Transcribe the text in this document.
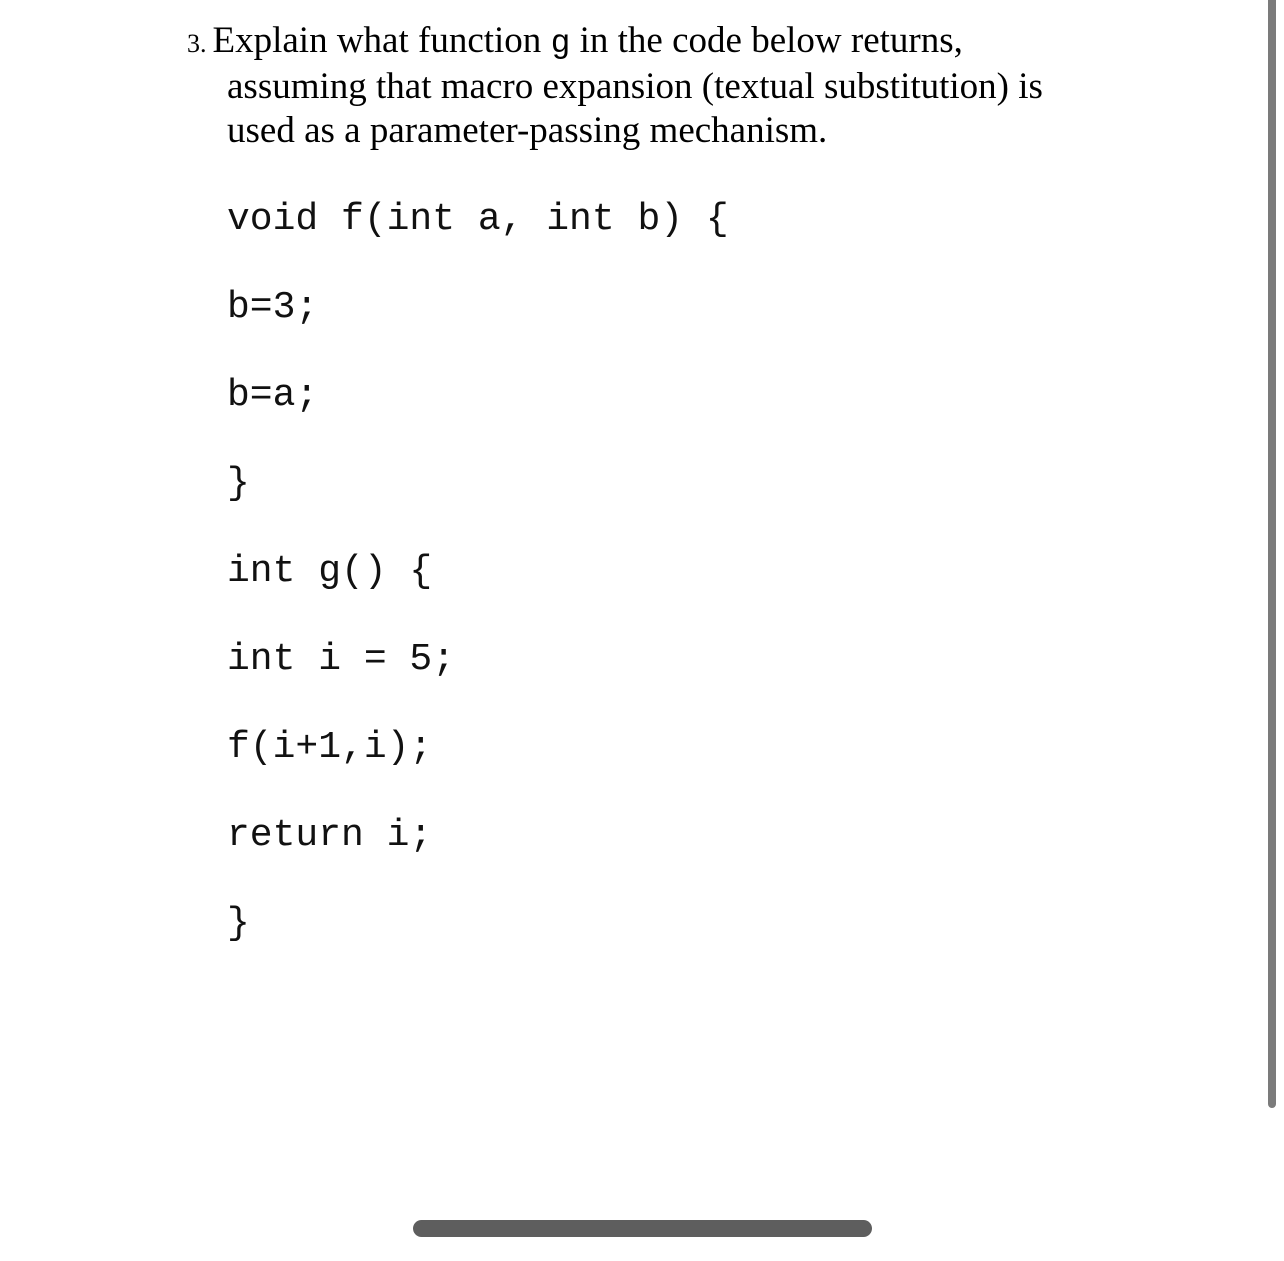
3. Explain what function g in the code below returns,
assuming that macro expansion (textual substitution) is
used as a parameter-passing mechanism.
void f(int a, int b) {
b=3;
b=a;
}
int g() {
int i = 5;
f(i+1,i);
return i;
}
